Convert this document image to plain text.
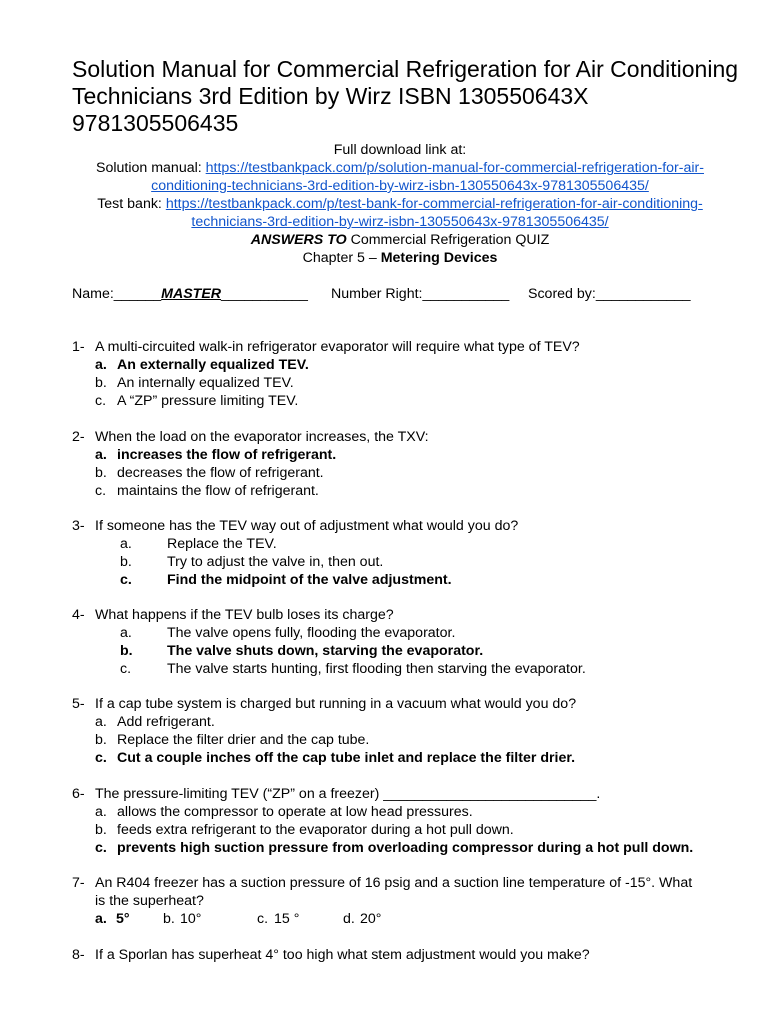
Solution Manual for Commercial Refrigeration for Air Conditioning
Technicians 3rd Edition by Wirz ISBN 130550643X
9781305506435
Full download link at:
Solution manual: https://testbankpack.com/p/solution-manual-for-commercial-refrigeration-for-air-
conditioning-technicians-3rd-edition-by-wirz-isbn-130550643x-9781305506435/
Test bank: https://testbankpack.com/p/test-bank-for-commercial-refrigeration-for-air-conditioning-
technicians-3rd-edition-by-wirz-isbn-130550643x-9781305506435/
ANSWERS TO Commercial Refrigeration QUIZ
Chapter 5 – Metering Devices
Name:______MASTER___________ Number Right:___________ Scored by:____________
1- A multi-circuited walk-in refrigerator evaporator will require what type of TEV?
a. An externally equalized TEV.
b. An internally equalized TEV.
c. A “ZP” pressure limiting TEV.
2- When the load on the evaporator increases, the TXV:
a. increases the flow of refrigerant.
b. decreases the flow of refrigerant.
c. maintains the flow of refrigerant.
3- If someone has the TEV way out of adjustment what would you do?
a. Replace the TEV.
b. Try to adjust the valve in, then out.
c. Find the midpoint of the valve adjustment.
4- What happens if the TEV bulb loses its charge?
a. The valve opens fully, flooding the evaporator.
b. The valve shuts down, starving the evaporator.
c.	The valve starts hunting, first flooding then starving the evaporator.
5- If a cap tube system is charged but running in a vacuum what would you do?
a. Add refrigerant.
b. Replace the filter drier and the cap tube.
c. Cut a couple inches off the cap tube inlet and replace the filter drier.
6- The pressure-limiting TEV (“ZP” on a freezer) ___________________________.
a. allows the compressor to operate at low head pressures.
b. feeds extra refrigerant to the evaporator during a hot pull down.
c. prevents high suction pressure from overloading compressor during a hot pull down.
7- An R404 freezer has a suction pressure of 16 psig and a suction line temperature of -15°. What
is the superheat?
a. 5° b. 10°	c. 15 °	d. 20°
8- If a Sporlan has superheat 4° too high what stem adjustment would you make?
